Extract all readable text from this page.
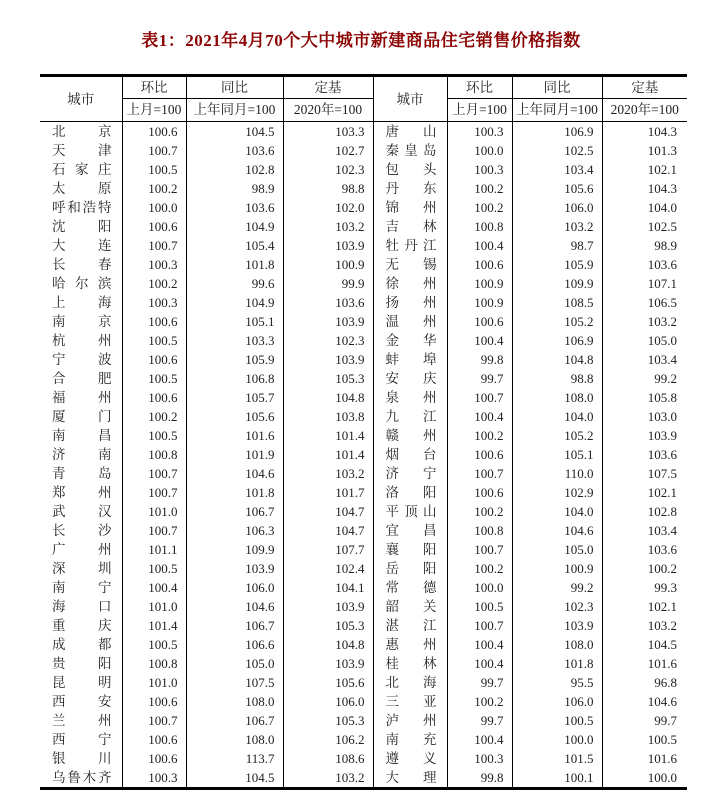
表1：2021年4月70个大中城市新建商品住宅销售价格指数
城市	环比	同比	定基	城市	环比	同比	定基
	上月=100	上年同月=100	2020年=100		上月=100	上年同月=100	2020年=100
北京	100.6	104.5	103.3	唐山	100.3	106.9	104.3
天津	100.7	103.6	102.7	秦皇岛	100.0	102.5	101.3
石家庄	100.5	102.8	102.3	包头	100.3	103.4	102.1
太原	100.2	98.9	98.8	丹东	100.2	105.6	104.3
呼和浩特	100.0	103.6	102.0	锦州	100.2	106.0	104.0
沈阳	100.6	104.9	103.2	吉林	100.8	103.2	102.5
大连	100.7	105.4	103.9	牡丹江	100.4	98.7	98.9
长春	100.3	101.8	100.9	无锡	100.6	105.9	103.6
哈尔滨	100.2	99.6	99.9	徐州	100.9	109.9	107.1
上海	100.3	104.9	103.6	扬州	100.9	108.5	106.5
南京	100.6	105.1	103.9	温州	100.6	105.2	103.2
杭州	100.5	103.3	102.3	金华	100.4	106.9	105.0
宁波	100.6	105.9	103.9	蚌埠	99.8	104.8	103.4
合肥	100.5	106.8	105.3	安庆	99.7	98.8	99.2
福州	100.6	105.7	104.8	泉州	100.7	108.0	105.8
厦门	100.2	105.6	103.8	九江	100.4	104.0	103.0
南昌	100.5	101.6	101.4	赣州	100.2	105.2	103.9
济南	100.8	101.9	101.4	烟台	100.6	105.1	103.6
青岛	100.7	104.6	103.2	济宁	100.7	110.0	107.5
郑州	100.7	101.8	101.7	洛阳	100.6	102.9	102.1
武汉	101.0	106.7	104.7	平顶山	100.2	104.0	102.8
长沙	100.7	106.3	104.7	宜昌	100.8	104.6	103.4
广州	101.1	109.9	107.7	襄阳	100.7	105.0	103.6
深圳	100.5	103.9	102.4	岳阳	100.2	100.9	100.2
南宁	100.4	106.0	104.1	常德	100.0	99.2	99.3
海口	101.0	104.6	103.9	韶关	100.5	102.3	102.1
重庆	101.4	106.7	105.3	湛江	100.7	103.9	103.2
成都	100.5	106.6	104.8	惠州	100.4	108.0	104.5
贵阳	100.8	105.0	103.9	桂林	100.4	101.8	101.6
昆明	101.0	107.5	105.6	北海	99.7	95.5	96.8
西安	100.6	108.0	106.0	三亚	100.2	106.0	104.6
兰州	100.7	106.7	105.3	泸州	99.7	100.5	99.7
西宁	100.6	108.0	106.2	南充	100.4	100.0	100.5
银川	100.6	113.7	108.6	遵义	100.3	101.5	101.6
乌鲁木齐	100.3	104.5	103.2	大理	99.8	100.1	100.0
